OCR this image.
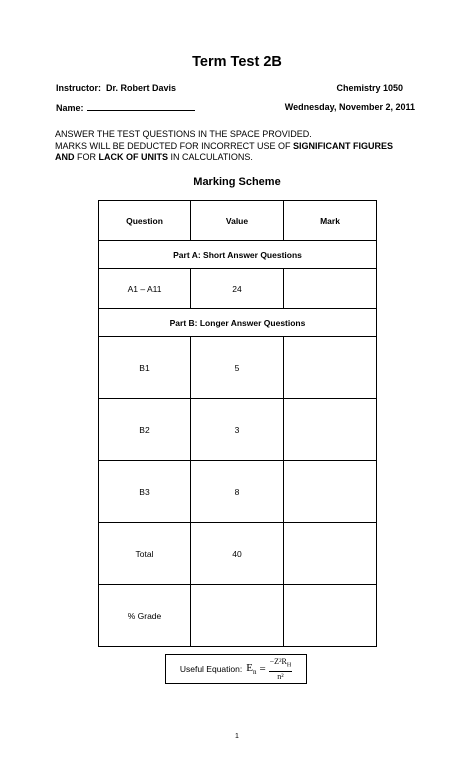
Term Test 2B
Instructor: Dr. Robert Davis	Chemistry 1050
Name:	Wednesday, November 2, 2011
ANSWER THE TEST QUESTIONS IN THE SPACE PROVIDED.
MARKS WILL BE DEDUCTED FOR INCORRECT USE OF SIGNIFICANT FIGURES
AND FOR LACK OF UNITS IN CALCULATIONS.
Marking Scheme
Question	Value	Mark
Part A: Short Answer Questions		
A1 – A11	24	
Part B: Longer Answer Questions		
B1	5	
B2	3	
B3	8	
Total	40	
% Grade		
Useful Equation: $E_n = \frac{-Z^2R_H}{\text{n²}}$
1
